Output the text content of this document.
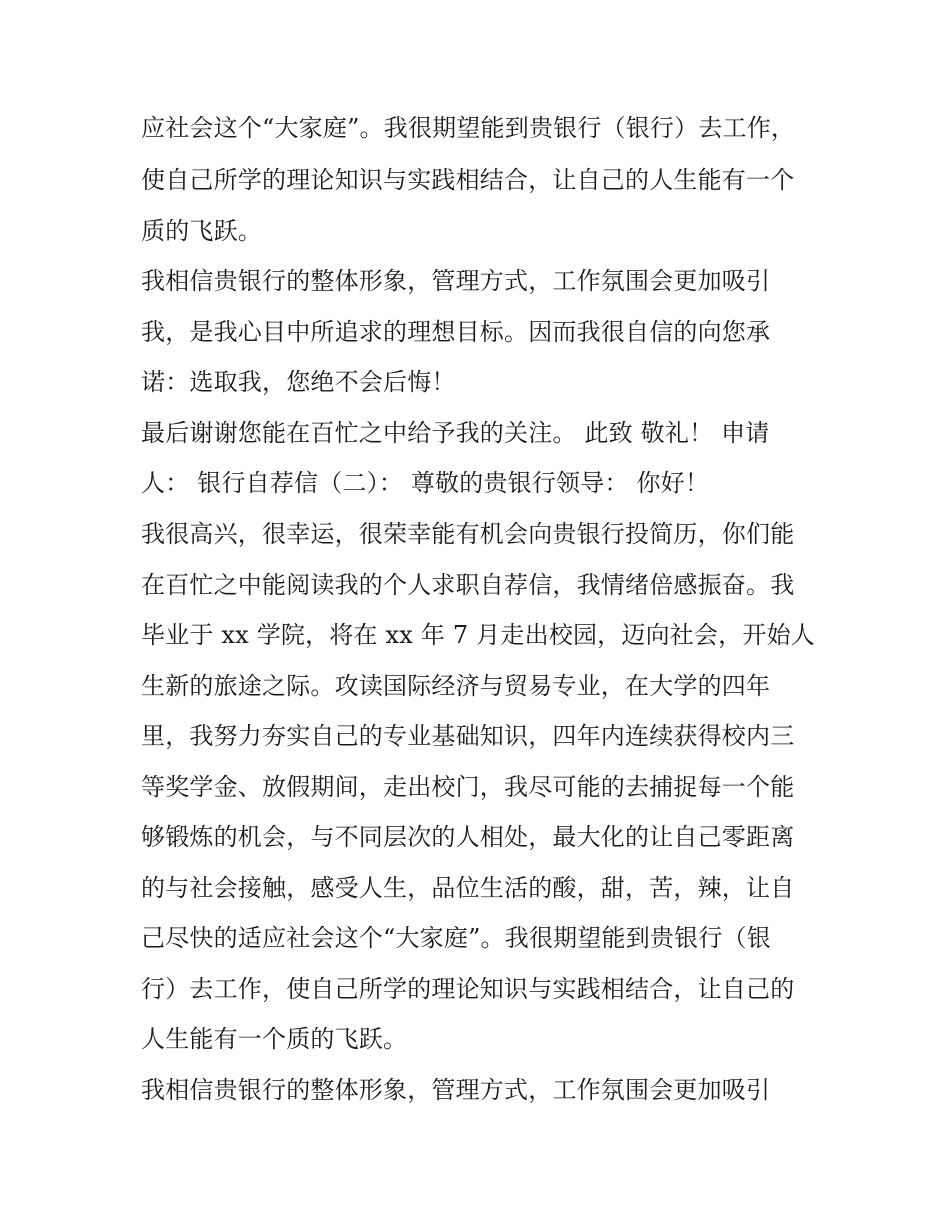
应社会这个“大家庭”。我很期望能到贵银行（银行）去工作，
使自己所学的理论知识与实践相结合，让自己的人生能有一个
质的飞跃。
我相信贵银行的整体形象，管理方式，工作氛围会更加吸引
我，是我心目中所追求的理想目标。因而我很自信的向您承
诺：选取我，您绝不会后悔！
最后谢谢您能在百忙之中给予我的关注。 此致 敬礼！ 申请
人： 银行自荐信（二）： 尊敬的贵银行领导： 你好！
我很高兴，很幸运，很荣幸能有机会向贵银行投简历，你们能
在百忙之中能阅读我的个人求职自荐信，我情绪倍感振奋。我
毕业于 xx 学院，将在 xx 年 7 月走出校园，迈向社会，开始人
生新的旅途之际。攻读国际经济与贸易专业，在大学的四年
里，我努力夯实自己的专业基础知识，四年内连续获得校内三
等奖学金、放假期间，走出校门，我尽可能的去捕捉每一个能
够锻炼的机会，与不同层次的人相处，最大化的让自己零距离
的与社会接触，感受人生，品位生活的酸，甜，苦，辣，让自
己尽快的适应社会这个“大家庭”。我很期望能到贵银行（银
行）去工作，使自己所学的理论知识与实践相结合，让自己的
人生能有一个质的飞跃。
我相信贵银行的整体形象，管理方式，工作氛围会更加吸引
